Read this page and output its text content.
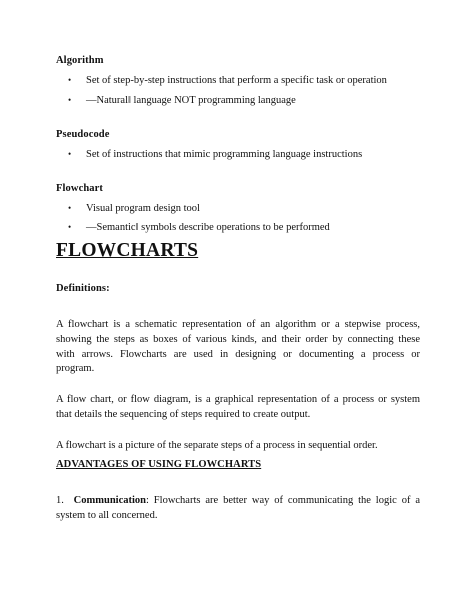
Algorithm
• Set of step-by-step instructions that perform a specific task or operation
• ―Natural‖ language NOT programming language
Pseudocode
• Set of instructions that mimic programming language instructions
Flowchart
• Visual program design tool
• ―Semantic‖ symbols describe operations to be performed
FLOWCHARTS
Definitions:
A flowchart is a schematic representation of an algorithm or a stepwise process,
showing the steps as boxes of various kinds, and their order by connecting these
with arrows. Flowcharts are used in designing or documenting a process or
program.
A flow chart, or flow diagram, is a graphical representation of a process or system
that details the sequencing of steps required to create output.
A flowchart is a picture of the separate steps of a process in sequential order.
ADVANTAGES OF USING FLOWCHARTS
1. Communication: Flowcharts are better way of communicating the logic of a
system to all concerned.
